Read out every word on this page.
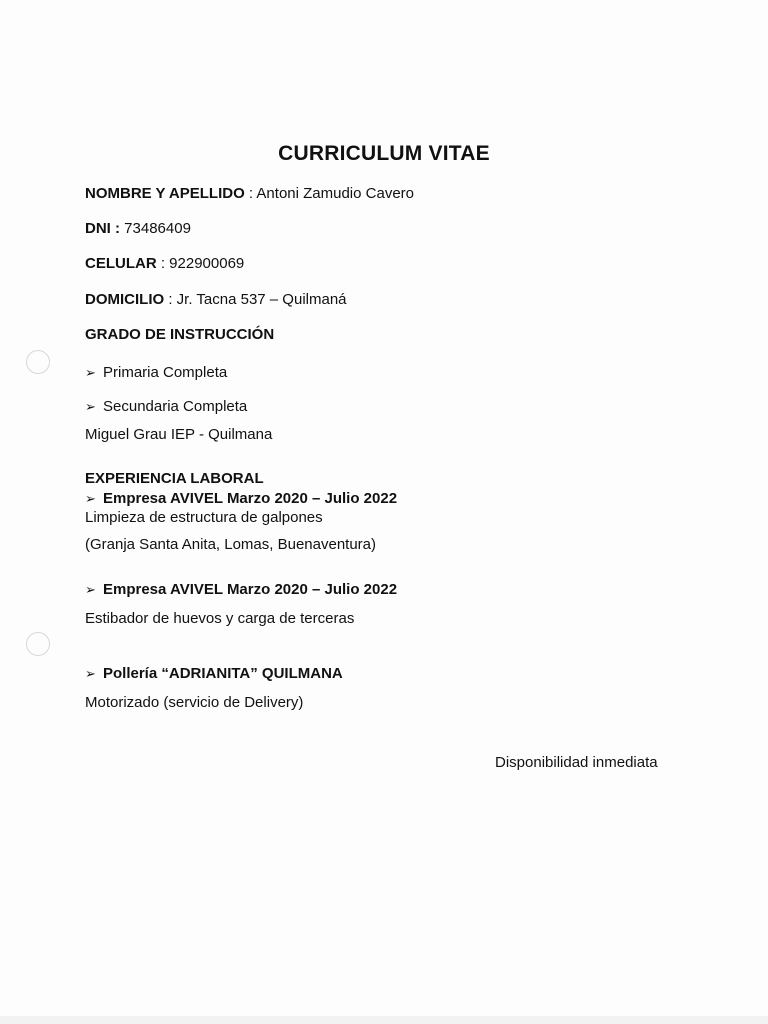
CURRICULUM VITAE
NOMBRE Y APELLIDO : Antoni Zamudio Cavero
DNI : 73486409
CELULAR : 922900069
DOMICILIO : Jr. Tacna 537 – Quilmaná
GRADO DE INSTRUCCIÓN
➢ Primaria Completa
➢ Secundaria Completa
Miguel Grau IEP - Quilmana
EXPERIENCIA LABORAL
➢ Empresa AVIVEL Marzo 2020 – Julio 2022
Limpieza de estructura de galpones
(Granja Santa Anita, Lomas, Buenaventura)
➢ Empresa AVIVEL Marzo 2020 – Julio 2022
Estibador de huevos y carga de terceras
➢ Pollería “ADRIANITA” QUILMANA
Motorizado (servicio de Delivery)
Disponibilidad inmediata
